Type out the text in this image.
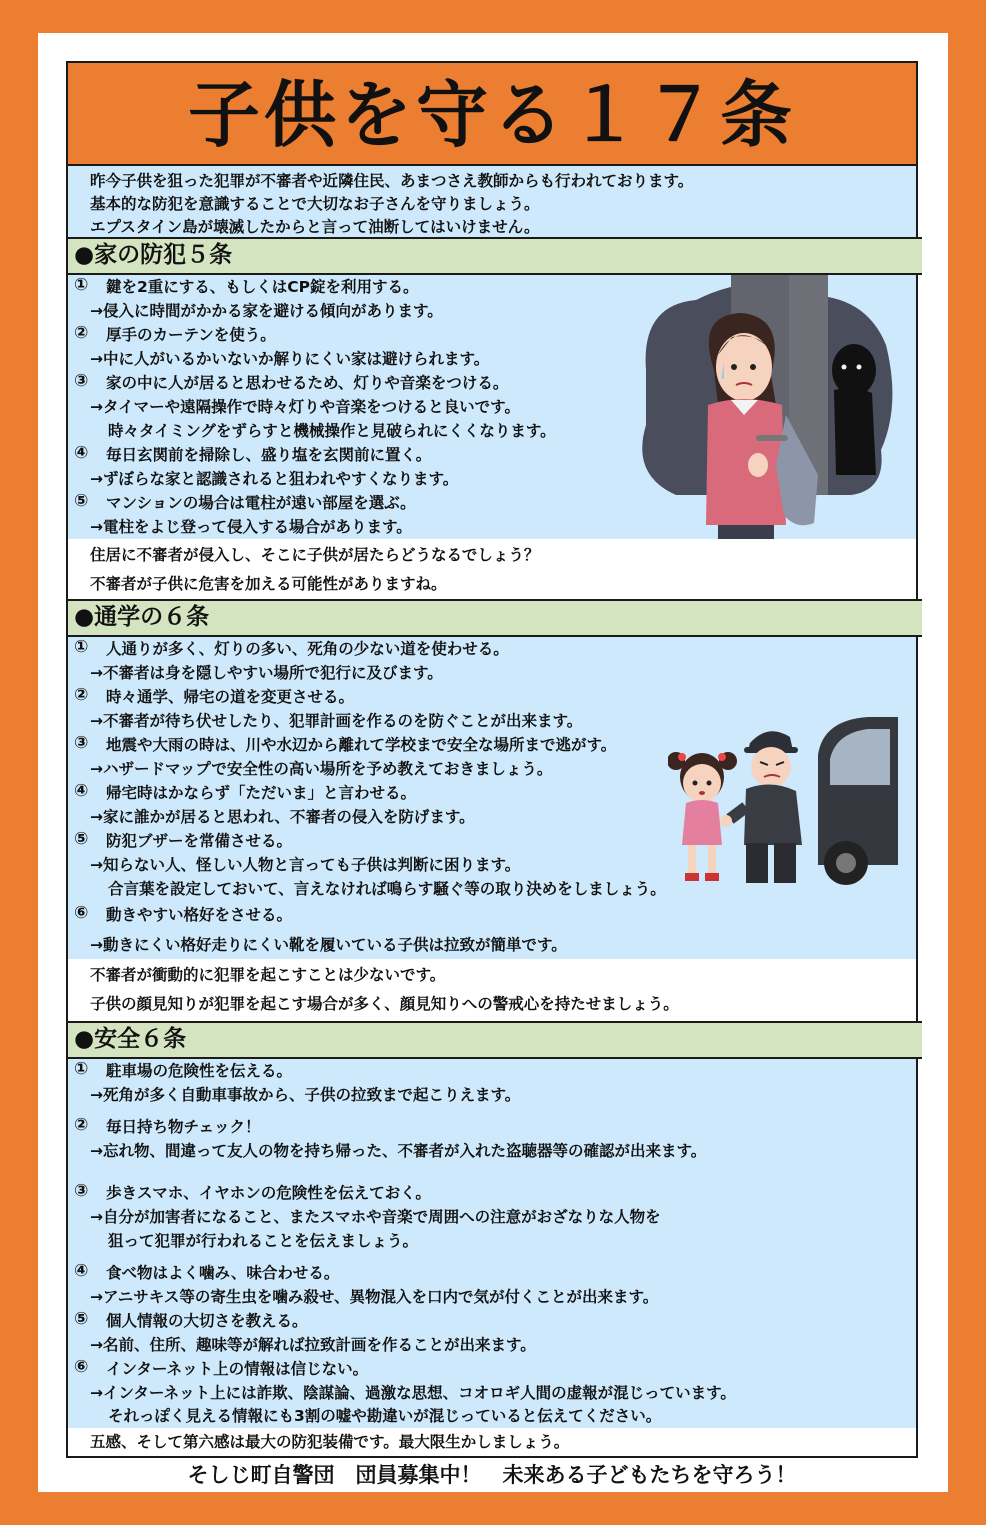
子供を守る１７条
昨今子供を狙った犯罪が不審者や近隣住民、あまつさえ教師からも行われております。
基本的な防犯を意識することで大切なお子さんを守りましょう。
エプスタイン島が壊滅したからと言って油断してはいけません。
●家の防犯５条
① 鍵を2重にする、もしくはCP錠を利用する。
→侵入に時間がかかる家を避ける傾向があります。
② 厚手のカーテンを使う。
→中に人がいるかいないか解りにくい家は避けられます。
③ 家の中に人が居ると思わせるため、灯りや音楽をつける。
→タイマーや遠隔操作で時々灯りや音楽をつけると良いです。
時々タイミングをずらすと機械操作と見破られにくくなります。
④ 毎日玄関前を掃除し、盛り塩を玄関前に置く。
→ずぼらな家と認識されると狙われやすくなります。
⑤ マンションの場合は電柱が遠い部屋を選ぶ。
→電柱をよじ登って侵入する場合があります。
住居に不審者が侵入し、そこに子供が居たらどうなるでしょう？
不審者が子供に危害を加える可能性がありますね。
●通学の６条
① 人通りが多く、灯りの多い、死角の少ない道を使わせる。
→不審者は身を隠しやすい場所で犯行に及びます。
② 時々通学、帰宅の道を変更させる。
→不審者が待ち伏せしたり、犯罪計画を作るのを防ぐことが出来ます。
③ 地震や大雨の時は、川や水辺から離れて学校まで安全な場所まで逃がす。
→ハザードマップで安全性の高い場所を予め教えておきましょう。
④ 帰宅時はかならず「ただいま」と言わせる。
→家に誰かが居ると思われ、不審者の侵入を防げます。
⑤ 防犯ブザーを常備させる。
→知らない人、怪しい人物と言っても子供は判断に困ります。
合言葉を設定しておいて、言えなければ鳴らす騒ぐ等の取り決めをしましょう。
⑥ 動きやすい格好をさせる。
→動きにくい格好走りにくい靴を履いている子供は拉致が簡単です。
不審者が衝動的に犯罪を起こすことは少ないです。
子供の顔見知りが犯罪を起こす場合が多く、顔見知りへの警戒心を持たせましょう。
●安全６条
① 駐車場の危険性を伝える。
→死角が多く自動車事故から、子供の拉致まで起こりえます。
② 毎日持ち物チェック！
→忘れ物、間違って友人の物を持ち帰った、不審者が入れた盗聴器等の確認が出来ます。
③ 歩きスマホ、イヤホンの危険性を伝えておく。
→自分が加害者になること、またスマホや音楽で周囲への注意がおざなりな人物を
狙って犯罪が行われることを伝えましょう。
④ 食べ物はよく噛み、味合わせる。
→アニサキス等の寄生虫を噛み殺せ、異物混入を口内で気が付くことが出来ます。
⑤ 個人情報の大切さを教える。
→名前、住所、趣味等が解れば拉致計画を作ることが出来ます。
⑥ インターネット上の情報は信じない。
→インターネット上には詐欺、陰謀論、過激な思想、コオロギ人間の虚報が混じっています。
それっぽく見える情報にも3割の嘘や勘違いが混じっていると伝えてください。
五感、そして第六感は最大の防犯装備です。最大限生かしましょう。
そしじ町自警団　団員募集中！　未来ある子どもたちを守ろう！
